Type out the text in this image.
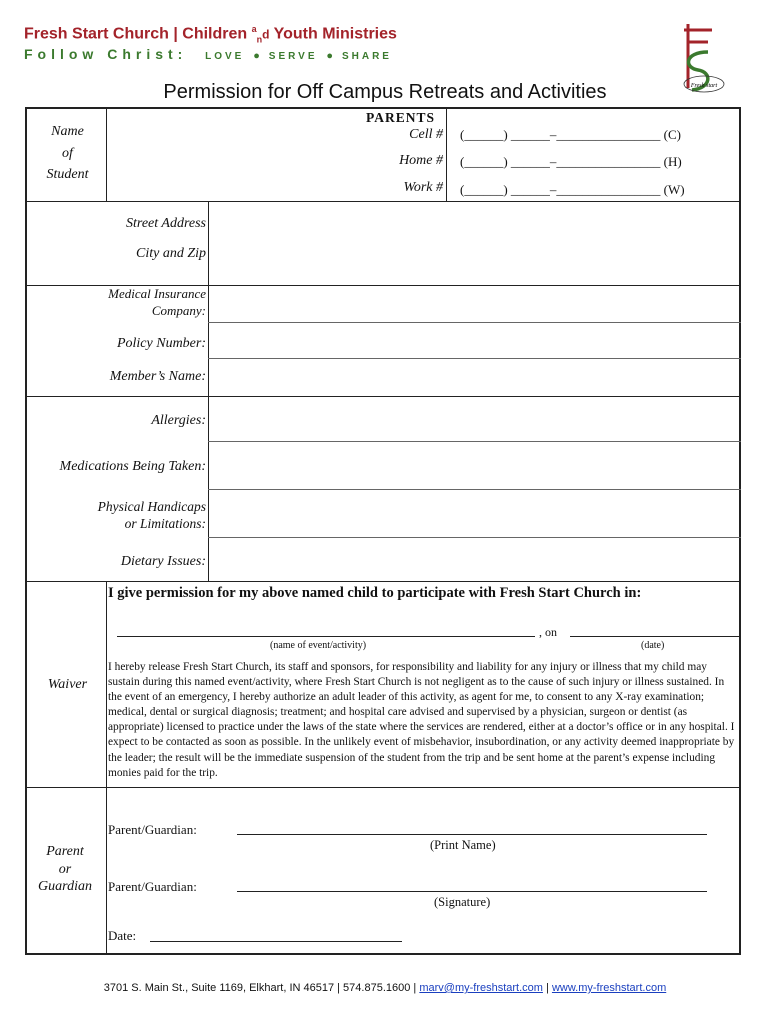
Fresh Start Church | Children $^a_n$d Youth Ministries
Follow Christ: LOVE ● SERVE ● SHARE
Fresh start
Permission for Off Campus Retreats and Activities
Name
of
Student
PARENTS
Cell #
Home #
Work #
(______) ______–________________ (C)
(______) ______–________________ (H)
(______) ______–________________ (W)
Street Address
City and Zip
Medical Insurance
Company:
Policy Number:
Member’s Name:
Allergies:
Medications Being Taken:
Physical Handicaps
or Limitations:
Dietary Issues:
Waiver
I give permission for my above named child to participate with Fresh Start Church in:
, on
(name of event/activity)	(date)
I hereby release Fresh Start Church, its staff and sponsors, for responsibility and liability for any injury or illness that my child may sustain during this named event/activity, where Fresh Start Church is not negligent as to the cause of such injury or illness sustained. In the event of an emergency, I hereby authorize an adult leader of this activity, as agent for me, to consent to any X-ray examination; medical, dental or surgical diagnosis; treatment; and hospital care advised and supervised by a physician, surgeon or dentist (as appropriate) licensed to practice under the laws of the state where the services are rendered, either at a doctor’s office or in any hospital. I expect to be contacted as soon as possible. In the unlikely event of misbehavior, insubordination, or any activity deemed inappropriate by the leader; the result will be the immediate suspension of the student from the trip and be sent home at the parent’s expense including monies paid for the trip.
Parent
or
Guardian
Parent/Guardian:
(Print Name)
Parent/Guardian:
(Signature)
Date:
3701 S. Main St., Suite 1169, Elkhart, IN 46517 | 574.875.1600 | marv@my-freshstart.com | www.my-freshstart.com
